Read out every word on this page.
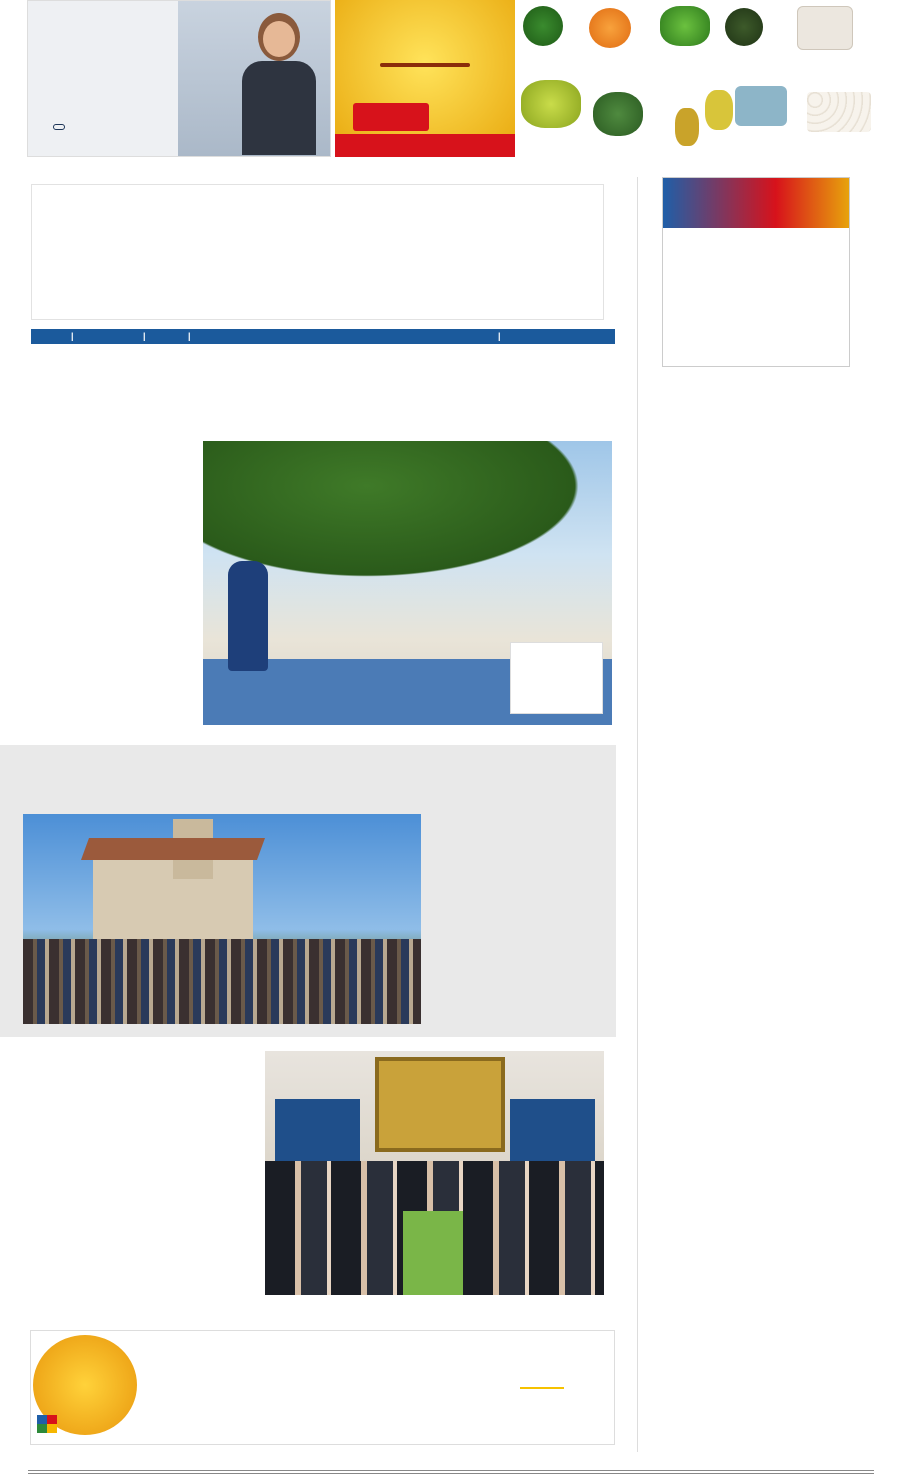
|	|	|	|
